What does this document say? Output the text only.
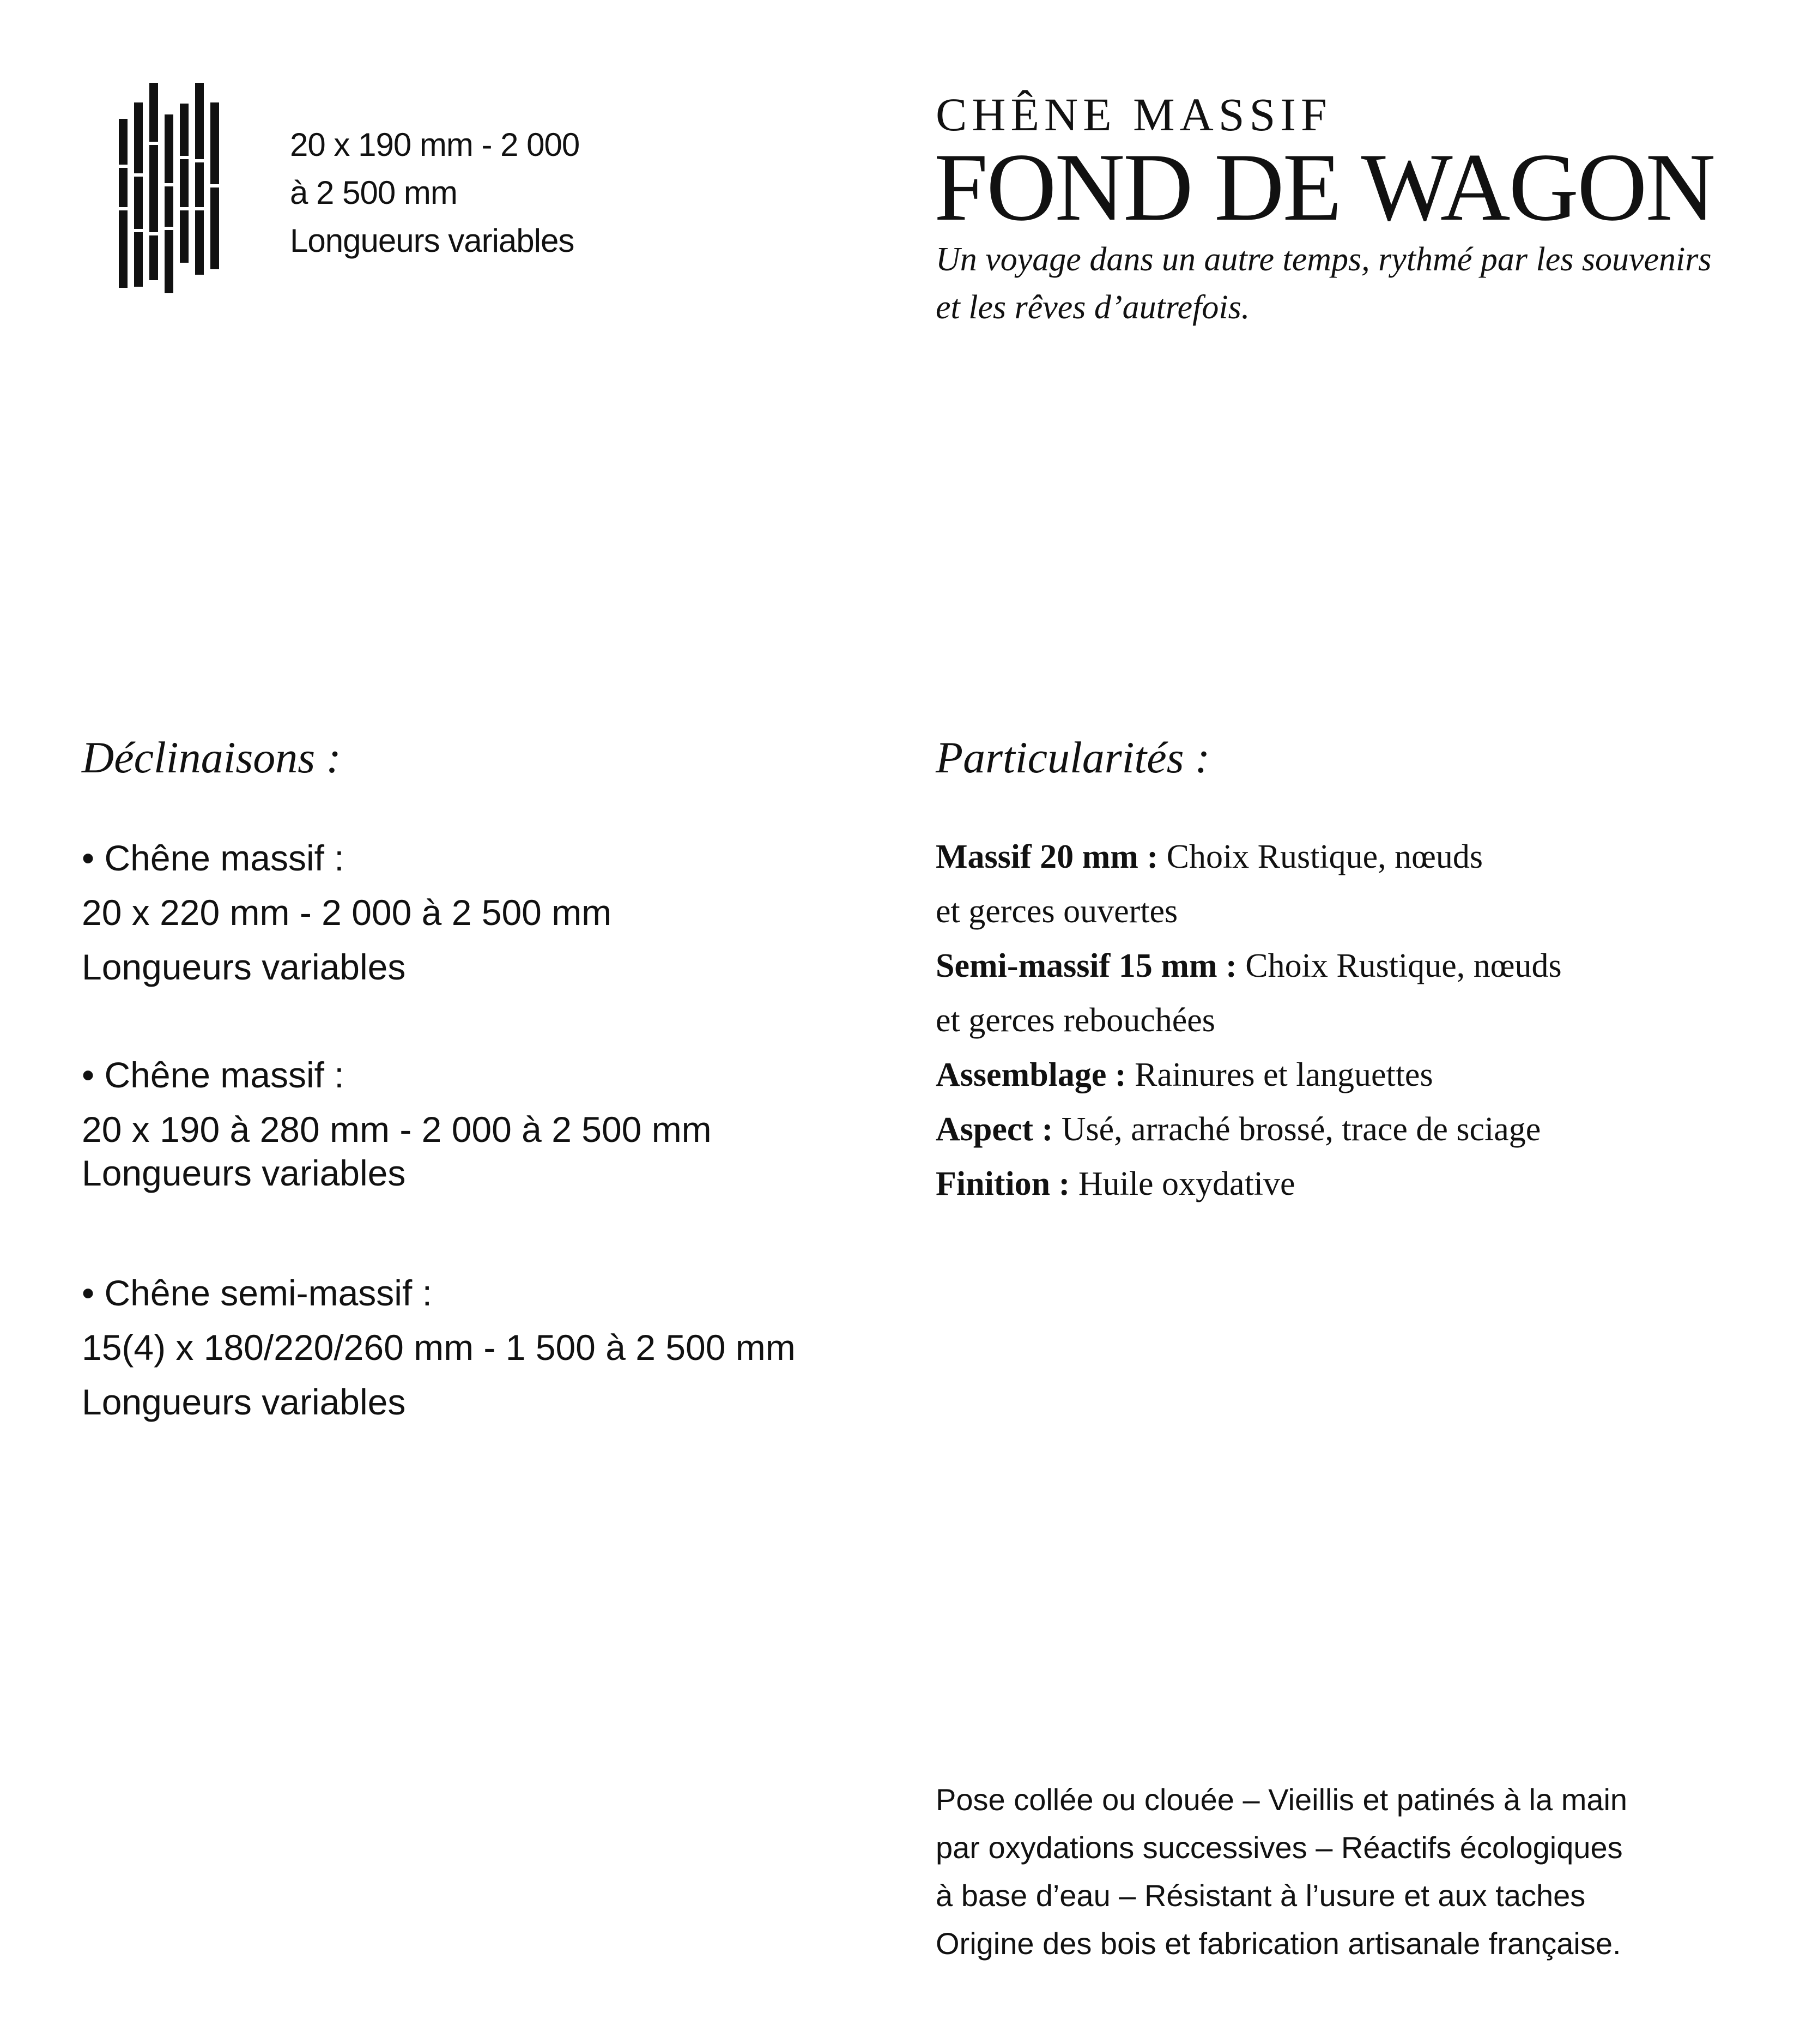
20 x 190 mm - 2 000
à 2 500 mm
Longueurs variables
CHÊNE MASSIF
FOND DE WAGON
Un voyage dans un autre temps, rythmé par les souvenirs
et les rêves d’autrefois.
Déclinaisons :
• Chêne massif :
20 x 220 mm - 2 000 à 2 500 mm
Longueurs variables
• Chêne massif :
20 x 190 à 280 mm - 2 000 à 2 500 mm
Longueurs variables
• Chêne semi-massif :
15(4) x 180/220/260 mm - 1 500 à 2 500 mm
Longueurs variables
Particularités :
Massif 20 mm : Choix Rustique, nœuds
et gerces ouvertes
Semi-massif 15 mm : Choix Rustique, nœuds
et gerces rebouchées
Assemblage : Rainures et languettes
Aspect : Usé, arraché brossé, trace de sciage
Finition : Huile oxydative
Pose collée ou clouée – Vieillis et patinés à la main
par oxydations successives – Réactifs écologiques
à base d’eau – Résistant à l’usure et aux taches
Origine des bois et fabrication artisanale française.
